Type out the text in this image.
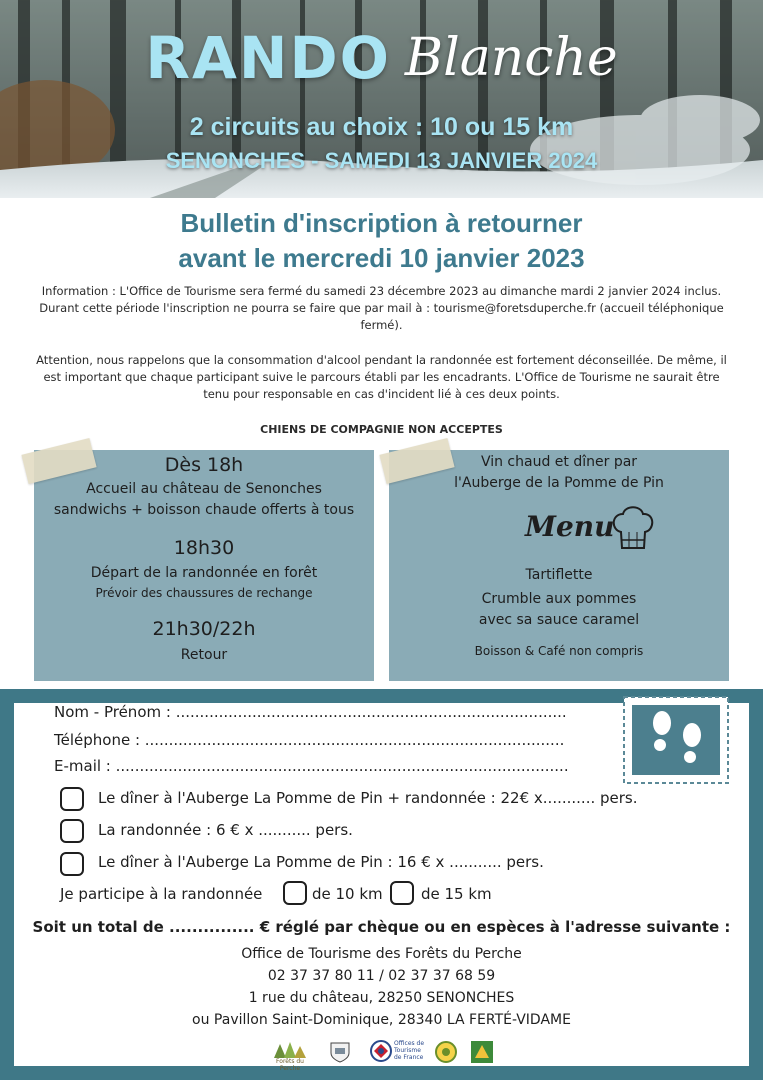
RANDO Blanche
2 circuits au choix : 10 ou 15 km
SENONCHES - SAMEDI 13 JANVIER 2024
Bulletin d'inscription à retourner
avant le mercredi 10 janvier 2023
Information : L'Office de Tourisme sera fermé du samedi 23 décembre 2023 au dimanche mardi 2 janvier 2024 inclus. Durant cette période l'inscription ne pourra se faire que par mail à : tourisme@foretsduperche.fr (accueil téléphonique fermé).
Attention, nous rappelons que la consommation d'alcool pendant la randonnée est fortement déconseillée. De même, il est important que chaque participant suive le parcours établi par les encadrants. L'Office de Tourisme ne saurait être tenu pour responsable en cas d'incident lié à ces deux points.
CHIENS DE COMPAGNIE NON ACCEPTES
Dès 18h
Accueil au château de Senonches
sandwichs + boisson chaude offerts à tous
18h30
Départ de la randonnée en forêt
Prévoir des chaussures de rechange
21h30/22h
Retour
Vin chaud et dîner par
l'Auberge de la Pomme de Pin
Menu
Tartiflette
Crumble aux pommes
avec sa sauce caramel
Boisson & Café non compris
Nom - Prénom : ..................................................................................
Téléphone : ........................................................................................
E-mail : ...............................................................................................
Le dîner à l'Auberge La Pomme de Pin + randonnée : 22€ x........... pers.
La randonnée : 6 € x ........... pers.
Le dîner à l'Auberge La Pomme de Pin : 16 € x ........... pers.
Je participe à la randonnée	de 10 km	de 15 km
Soit un total de ............... € réglé par chèque ou en espèces à l'adresse suivante :
Office de Tourisme des Forêts du Perche
02 37 37 80 11 / 02 37 37 68 59
1 rue du château, 28250 SENONCHES
ou Pavillon Saint-Dominique, 28340 LA FERTÉ-VIDAME
Forêts du Perche
Offices de Tourisme de France
